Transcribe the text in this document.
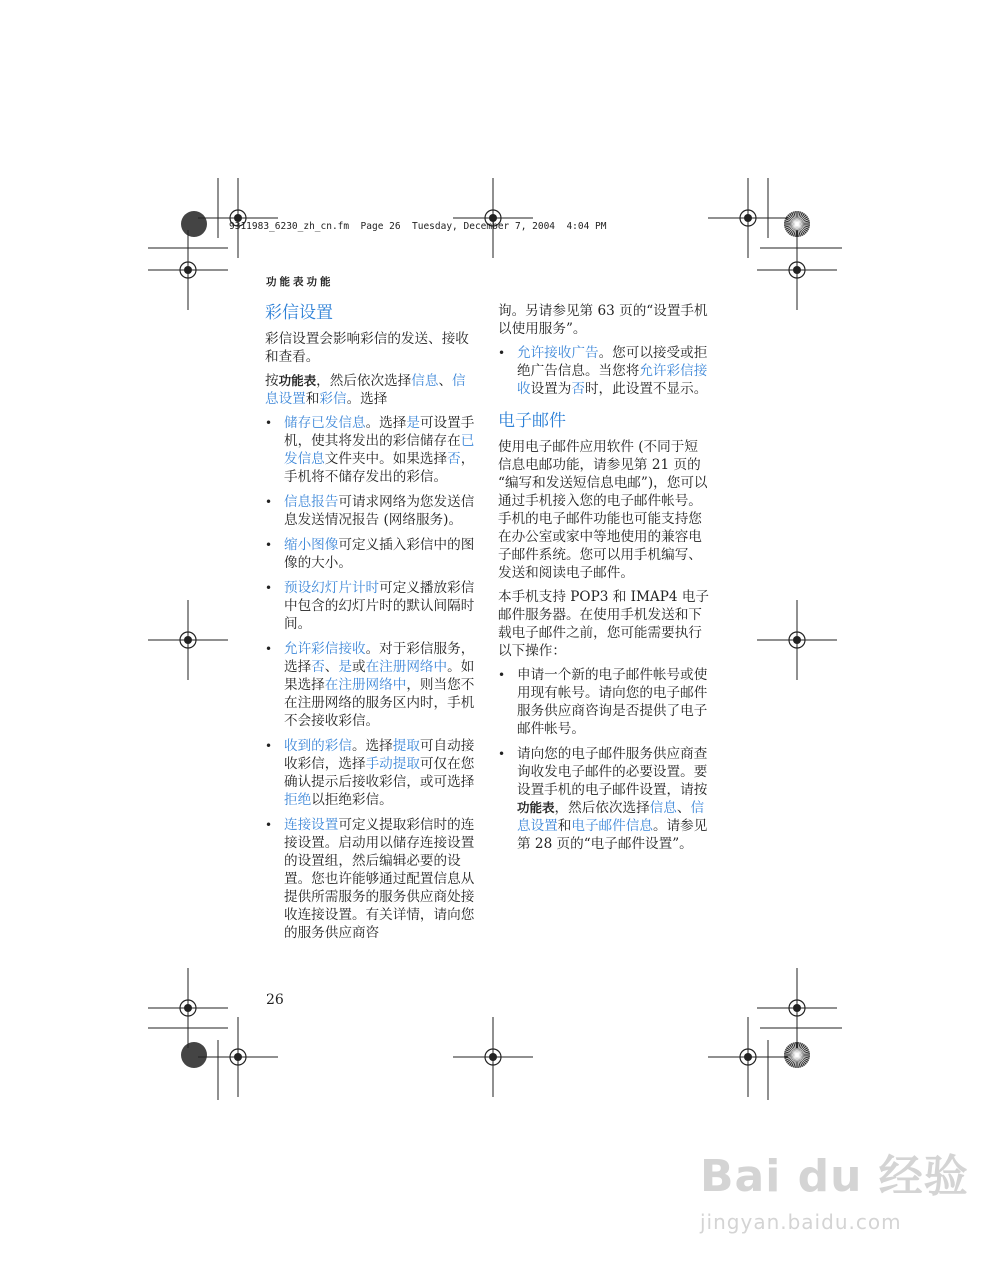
9311983_6230_zh_cn.fm  Page 26  Tuesday, December 7, 2004  4:04 PM
功能表功能
彩信设置

彩信设置会影响彩信的发送、接收和查看。

按功能表，然后依次选择信息、信息设置和彩信。选择

• 储存已发信息。选择是可设置手机，使其将发出的彩信储存在已发信息文件夹中。如果选择否，手机将不储存发出的彩信。
• 信息报告可请求网络为您发送信息发送情况报告 (网络服务)。
• 缩小图像可定义插入彩信中的图像的大小。
• 预设幻灯片计时可定义播放彩信中包含的幻灯片时的默认间隔时间。
• 允许彩信接收。对于彩信服务，选择否、是或在注册网络中。如果选择在注册网络中，则当您不在注册网络的服务区内时，手机不会接收彩信。
• 收到的彩信。选择提取可自动接收彩信，选择手动提取可仅在您确认提示后接收彩信，或可选择拒绝以拒绝彩信。
• 连接设置可定义提取彩信时的连接设置。启动用以储存连接设置的设置组，然后编辑必要的设置。您也许能够通过配置信息从提供所需服务的服务供应商处接收连接设置。有关详情，请向您的服务供应商咨
询。另请参见第 63 页的“设置手机以使用服务”。
• 允许接收广告。您可以接受或拒绝广告信息。当您将允许彩信接收设置为否时，此设置不显示。
电子邮件

使用电子邮件应用软件 (不同于短信息电邮功能，请参见第 21 页的 “编写和发送短信息电邮”)，您可以通过手机接入您的电子邮件帐号。手机的电子邮件功能也可能支持您在办公室或家中等地使用的兼容电子邮件系统。您可以用手机编写、发送和阅读电子邮件。

本手机支持 POP3 和 IMAP4 电子邮件服务器。在使用手机发送和下载电子邮件之前，您可能需要执行以下操作：

• 申请一个新的电子邮件帐号或使用现有帐号。请向您的电子邮件服务供应商咨询是否提供了电子邮件帐号。
• 请向您的电子邮件服务供应商查询收发电子邮件的必要设置。要设置手机的电子邮件设置，请按功能表，然后依次选择信息、信息设置和电子邮件信息。请参见第 28 页的“电子邮件设置”。
26
Bai du 经验
jingyan.baidu.com
